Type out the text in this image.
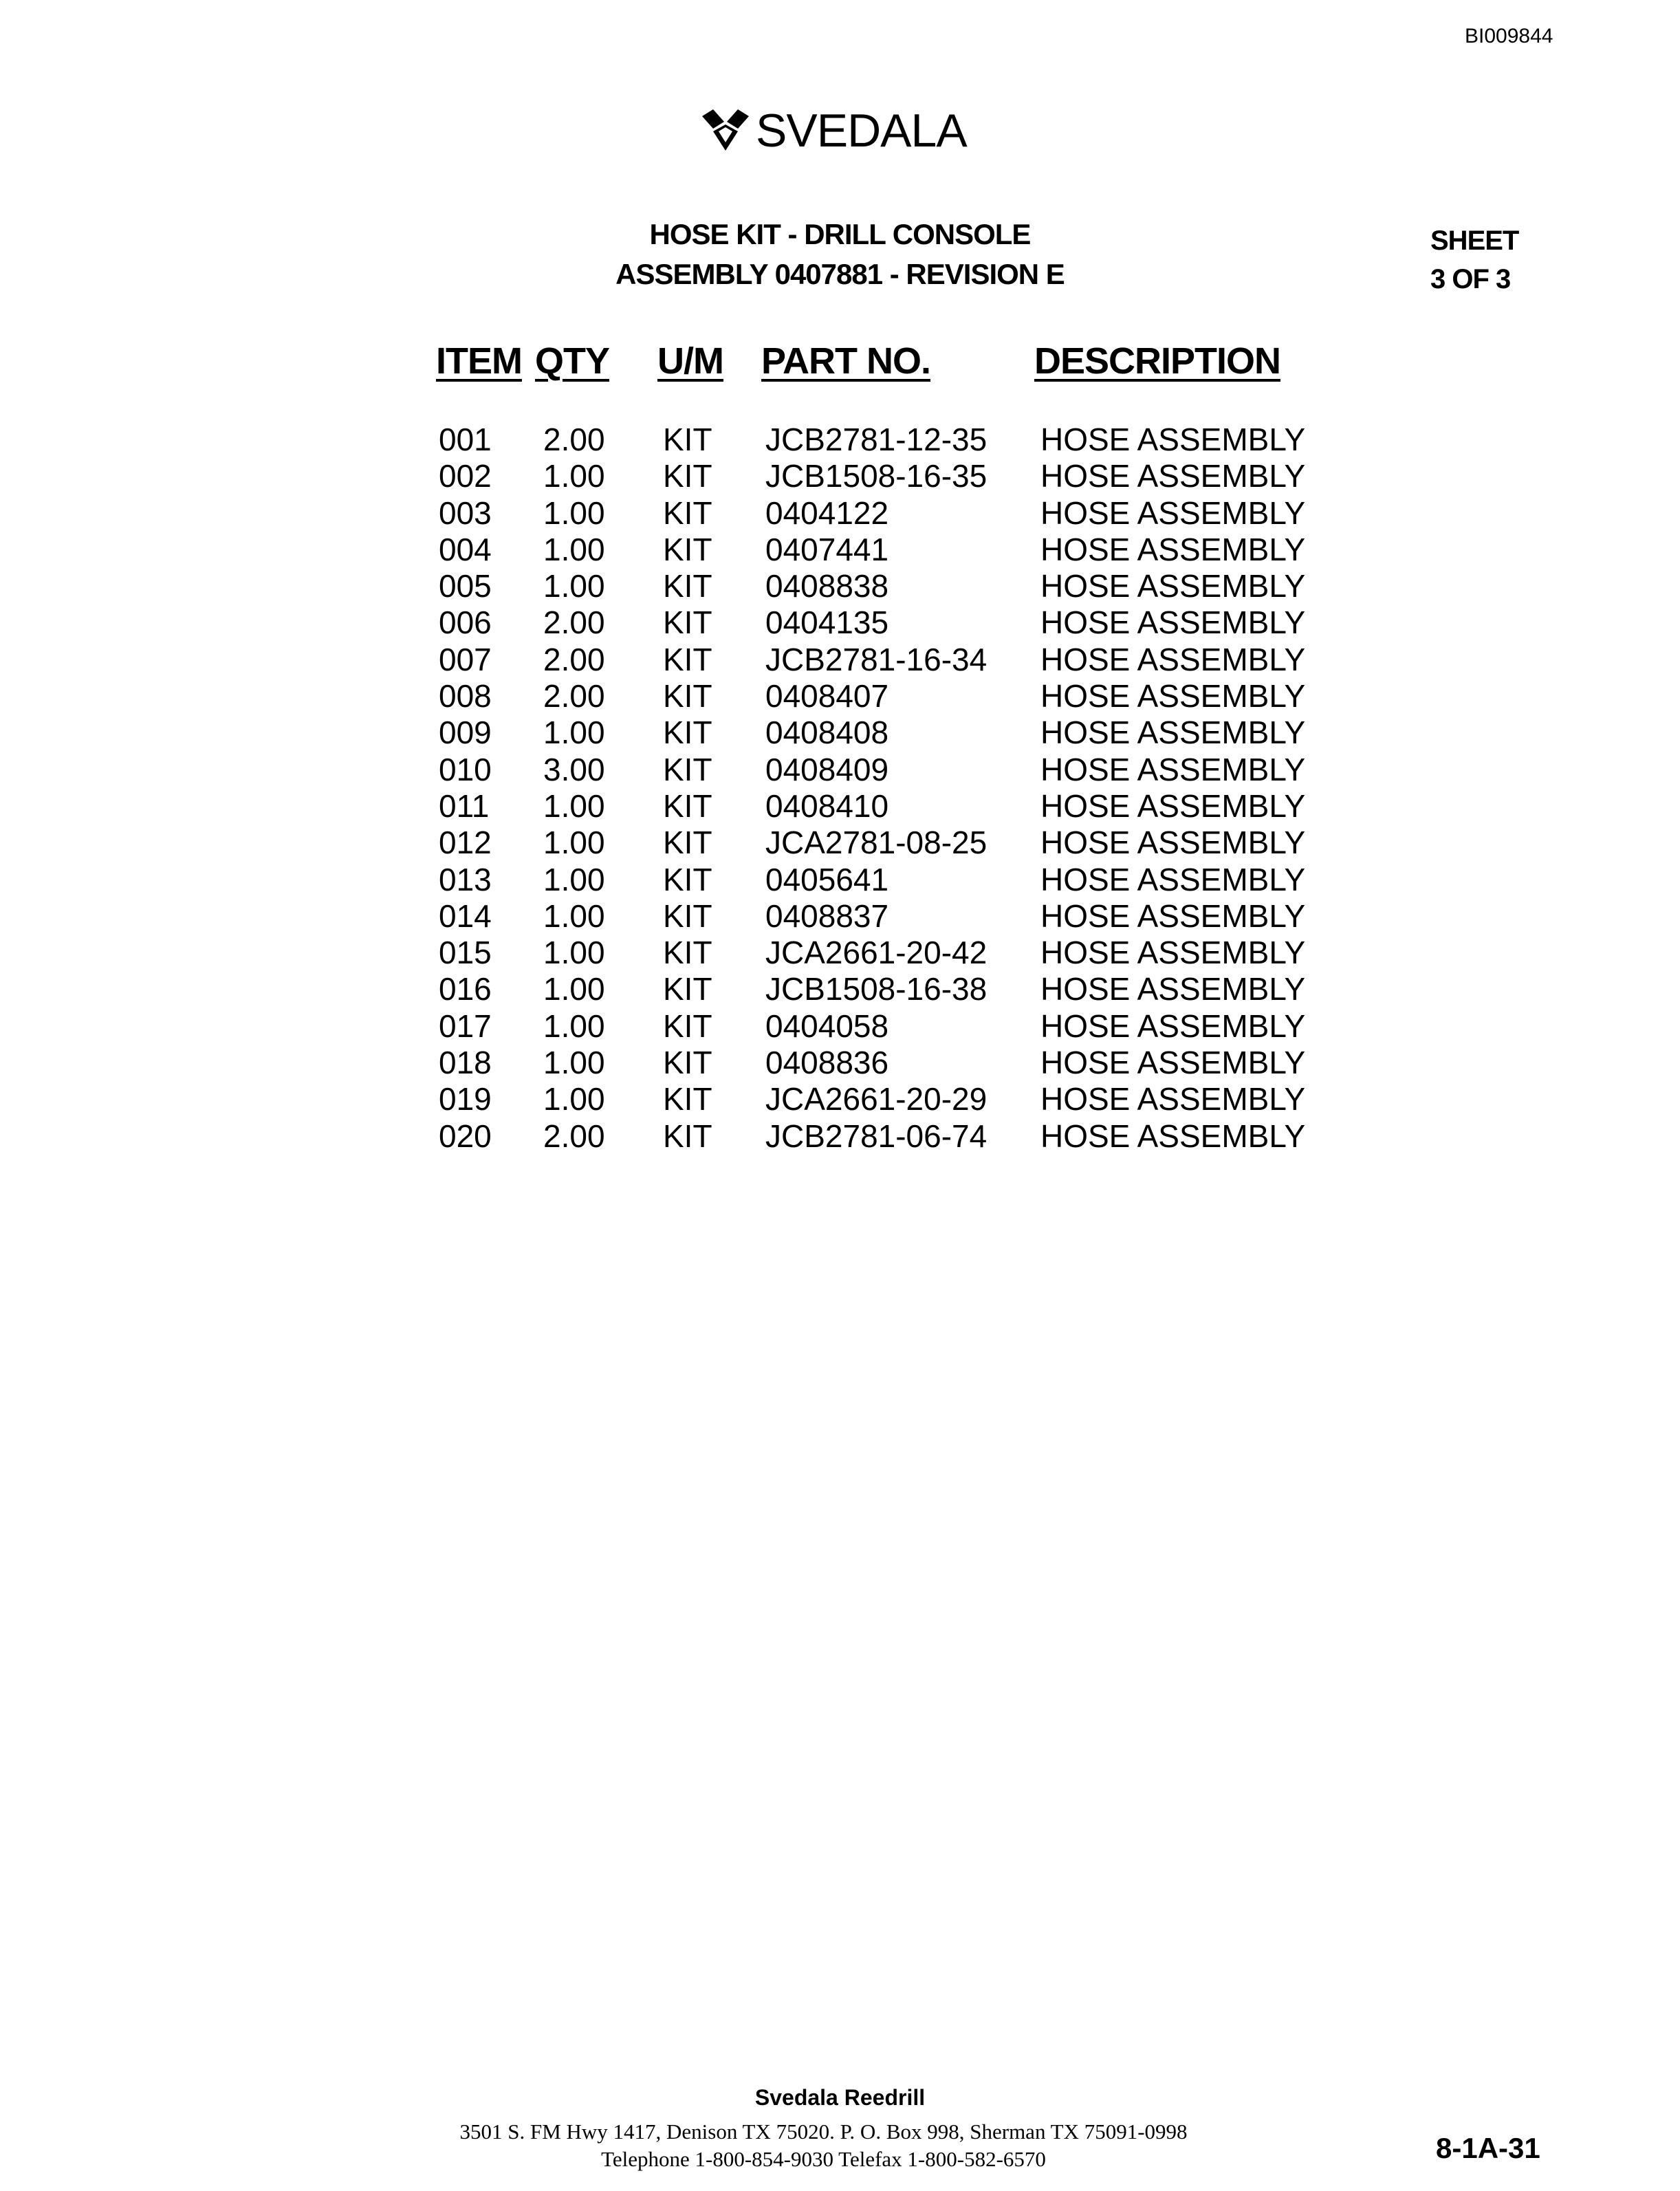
BI009844
SVEDALA
HOSE KIT - DRILL CONSOLE
ASSEMBLY 0407881 - REVISION E
SHEET
3 OF 3
ITEM QTY U/M PART NO.	DESCRIPTION
001 2.00 KIT JCB2781-12-35 HOSE ASSEMBLY
002 1.00 KIT JCB1508-16-35 HOSE ASSEMBLY
003 1.00 KIT 0404122	HOSE ASSEMBLY
004 1.00 KIT 0407441	HOSE ASSEMBLY
005 1.00 KIT 0408838	HOSE ASSEMBLY
006 2.00 KIT 0404135	HOSE ASSEMBLY
007 2.00 KIT JCB2781-16-34 HOSE ASSEMBLY
008 2.00 KIT 0408407	HOSE ASSEMBLY
009 1.00 KIT 0408408	HOSE ASSEMBLY
010 3.00 KIT 0408409	HOSE ASSEMBLY
011 1.00 KIT 0408410	HOSE ASSEMBLY
012 1.00 KIT JCA2781-08-25 HOSE ASSEMBLY
013 1.00 KIT 0405641	HOSE ASSEMBLY
014 1.00 KIT 0408837	HOSE ASSEMBLY
015 1.00 KIT JCA2661-20-42 HOSE ASSEMBLY
016 1.00 KIT JCB1508-16-38 HOSE ASSEMBLY
017 1.00 KIT 0404058	HOSE ASSEMBLY
018 1.00 KIT 0408836	HOSE ASSEMBLY
019 1.00 KIT JCA2661-20-29 HOSE ASSEMBLY
020 2.00 KIT JCB2781-06-74 HOSE ASSEMBLY
Svedala Reedrill
3501 S. FM Hwy 1417, Denison TX 75020. P. O. Box 998, Sherman TX 75091-0998
Telephone 1-800-854-9030 Telefax 1-800-582-6570	8-1A-31
